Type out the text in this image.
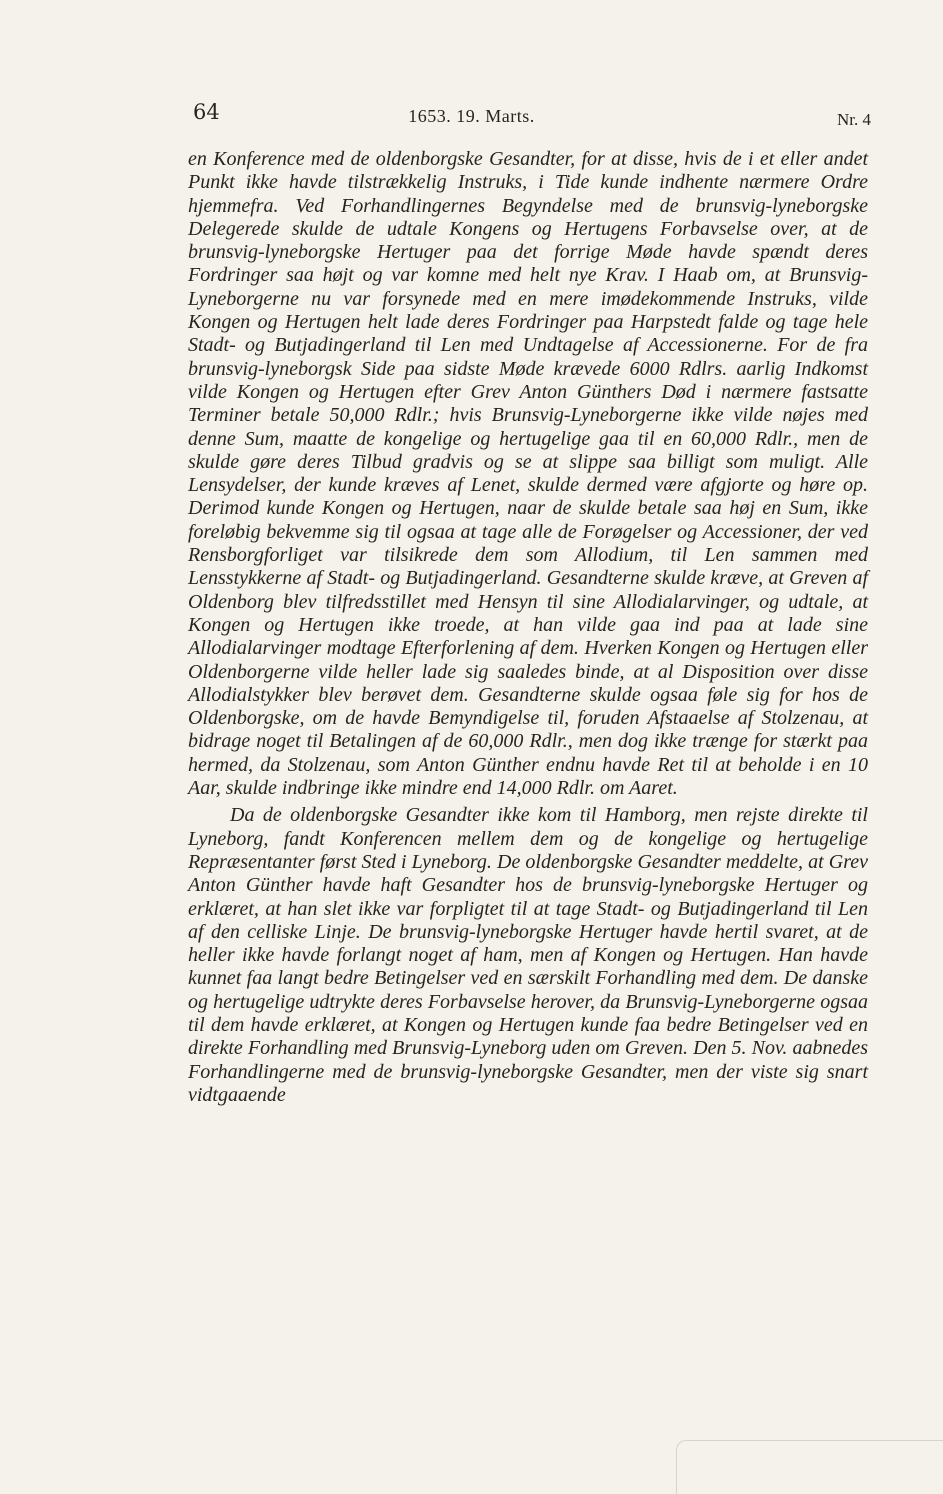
64	1653. 19. Marts.	Nr. 4

en Konference med de oldenborgske Gesandter, for at disse, hvis de i et eller andet Punkt ikke havde tilstrækkelig Instruks, i Tide kunde indhente nærmere Ordre hjemmefra. Ved Forhandlingernes Begyndelse med de brunsvig-lyneborgske Delegerede skulde de udtale Kongens og Hertugens Forbavselse over, at de brunsvig-lyneborgske Hertuger paa det forrige Møde havde spændt deres Fordringer saa højt og var komne med helt nye Krav. I Haab om, at Brunsvig-Lyneborgerne nu var forsynede med en mere imødekommende Instruks, vilde Kongen og Hertugen helt lade deres Fordringer paa Harpstedt falde og tage hele Stadt- og Butjadingerland til Len med Undtagelse af Accessionerne. For de fra brunsvig-lyneborgsk Side paa sidste Møde krævede 6000 Rdlrs. aarlig Indkomst vilde Kongen og Hertugen efter Grev Anton Günthers Død i nærmere fastsatte Terminer betale 50,000 Rdlr.; hvis Brunsvig-Lyneborgerne ikke vilde nøjes med denne Sum, maatte de kongelige og hertugelige gaa til en 60,000 Rdlr., men de skulde gøre deres Tilbud gradvis og se at slippe saa billigt som muligt. Alle Lensydelser, der kunde kræves af Lenet, skulde dermed være afgjorte og høre op. Derimod kunde Kongen og Hertugen, naar de skulde betale saa høj en Sum, ikke foreløbig bekvemme sig til ogsaa at tage alle de Forøgelser og Accessioner, der ved Rensborgforliget var tilsikrede dem som Allodium, til Len sammen med Lensstykkerne af Stadt- og Butjadingerland. Gesandterne skulde kræve, at Greven af Oldenborg blev tilfredsstillet med Hensyn til sine Allodialarvinger, og udtale, at Kongen og Hertugen ikke troede, at han vilde gaa ind paa at lade sine Allodialarvinger modtage Efterforlening af dem. Hverken Kongen og Hertugen eller Oldenborgerne vilde heller lade sig saaledes binde, at al Disposition over disse Allodialstykker blev berøvet dem. Gesandterne skulde ogsaa føle sig for hos de Oldenborgske, om de havde Bemyndigelse til, foruden Afstaaelse af Stolzenau, at bidrage noget til Betalingen af de 60,000 Rdlr., men dog ikke trænge for stærkt paa hermed, da Stolzenau, som Anton Günther endnu havde Ret til at beholde i en 10 Aar, skulde indbringe ikke mindre end 14,000 Rdlr. om Aaret.

Da de oldenborgske Gesandter ikke kom til Hamborg, men rejste direkte til Lyneborg, fandt Konferencen mellem dem og de kongelige og hertugelige Repræsentanter først Sted i Lyneborg. De oldenborgske Gesandter meddelte, at Grev Anton Günther havde haft Gesandter hos de brunsvig-lyneborgske Hertuger og erklæret, at han slet ikke var forpligtet til at tage Stadt- og Butjadingerland til Len af den celliske Linje. De brunsvig-lyneborgske Hertuger havde hertil svaret, at de heller ikke havde forlangt noget af ham, men af Kongen og Hertugen. Han havde kunnet faa langt bedre Betingelser ved en særskilt Forhandling med dem. De danske og hertugelige udtrykte deres Forbavselse herover, da Brunsvig-Lyneborgerne ogsaa til dem havde erklæret, at Kongen og Hertugen kunde faa bedre Betingelser ved en direkte Forhandling med Brunsvig-Lyneborg uden om Greven. Den 5. Nov. aabnedes Forhandlingerne med de brunsvig-lyneborgske Gesandter, men der viste sig snart vidtgaaende
